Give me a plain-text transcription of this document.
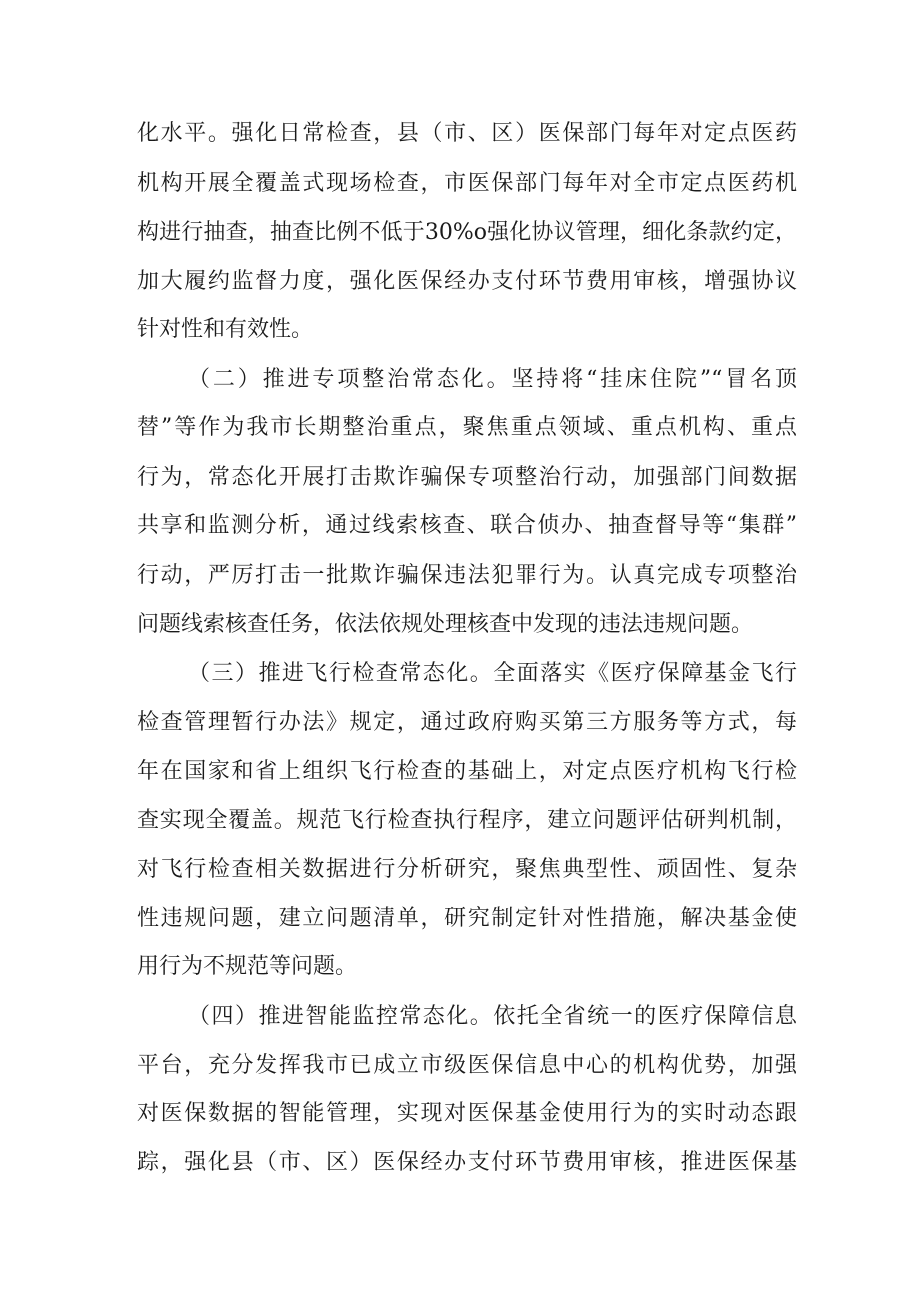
化水平。强化日常检查，县（市、区）医保部门每年对定点医药
机构开展全覆盖式现场检查，市医保部门每年对全市定点医药机
构进行抽查，抽查比例不低于30%o强化协议管理，细化条款约定，
加大履约监督力度，强化医保经办支付环节费用审核，增强协议
针对性和有效性。
（二）推进专项整治常态化。坚持将“挂床住院”“冒名顶
替”等作为我市长期整治重点，聚焦重点领域、重点机构、重点
行为，常态化开展打击欺诈骗保专项整治行动，加强部门间数据
共享和监测分析，通过线索核查、联合侦办、抽查督导等“集群”
行动，严厉打击一批欺诈骗保违法犯罪行为。认真完成专项整治
问题线索核查任务，依法依规处理核查中发现的违法违规问题。
（三）推进飞行检查常态化。全面落实《医疗保障基金飞行
检查管理暂行办法》规定，通过政府购买第三方服务等方式，每
年在国家和省上组织飞行检查的基础上，对定点医疗机构飞行检
查实现全覆盖。规范飞行检查执行程序，建立问题评估研判机制，
对飞行检查相关数据进行分析研究，聚焦典型性、顽固性、复杂
性违规问题，建立问题清单，研究制定针对性措施，解决基金使
用行为不规范等问题。
（四）推进智能监控常态化。依托全省统一的医疗保障信息
平台，充分发挥我市已成立市级医保信息中心的机构优势，加强
对医保数据的智能管理，实现对医保基金使用行为的实时动态跟
踪，强化县（市、区）医保经办支付环节费用审核，推进医保基
